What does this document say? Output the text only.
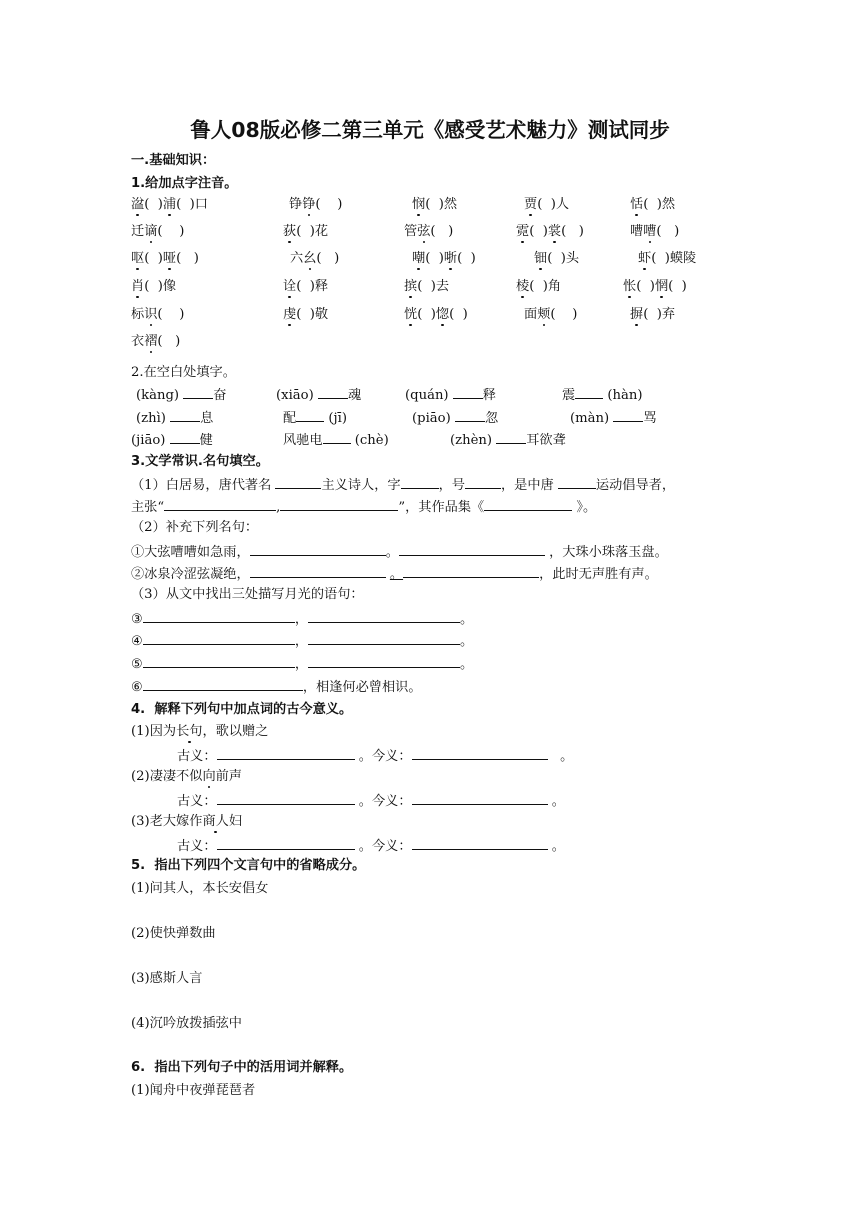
鲁人08版必修二第三单元《感受艺术魅力》测试同步
一.基础知识：
1.给加点字注音。
湓(  )浦(  )口	铮铮(    )	悯(  )然	贾(  )人	恬(  )然
迁谪(    )	荻(  )花	管弦(   )	霓(  )裳(   )	嘈嘈(   )
呕(  )哑(   )	六幺(   )	嘲(  )哳(  )	钿(  )头	虾(  )蟆陵
肖(  )像	诠(  )释	摈(  )去	棱(  )角	怅(  )惘(  )
标识(    )	虔(  )敬	恍(  )惚(  )	面颊(    )	摒(  )弃
衣褶(   )
2.在空白处填字。
(kàng)	奋	(xiāo)	魂	(quán)	释	震 (hàn)
(zhì)	息	配 (jī)	(piāo)	忽	(màn)	骂
(jiāo)	健	风驰电 (chè)	(zhèn)	耳欲聋
3.文学常识.名句填空。
（1）白居易，唐代著名	主义诗人，字	，号	，是中唐	运动倡导者，
主张“	,	”，其作品集《	》。
（2）补充下列名句：
①大弦嘈嘈如急雨，	。	，大珠小珠落玉盘。
②冰泉冷涩弦凝绝，	。	，此时无声胜有声。
（3）从文中找出三处描写月光的语句：
③	，	。
④	，	。
⑤	，	。
⑥	，相逢何必曾相识。
4.  解释下列句中加点词的古今意义。
(1)因为长句，歌以赠之
古义：	。今义：	。
(2)凄凄不似向前声
古义：	。今义：	。
(3)老大嫁作商人妇
古义：	。今义：	。
5.  指出下列四个文言句中的省略成分。
(1)问其人，本长安倡女
(2)使快弹数曲
(3)感斯人言
(4)沉吟放拨插弦中
6.  指出下列句子中的活用词并解释。
(1)闻舟中夜弹琵琶者
